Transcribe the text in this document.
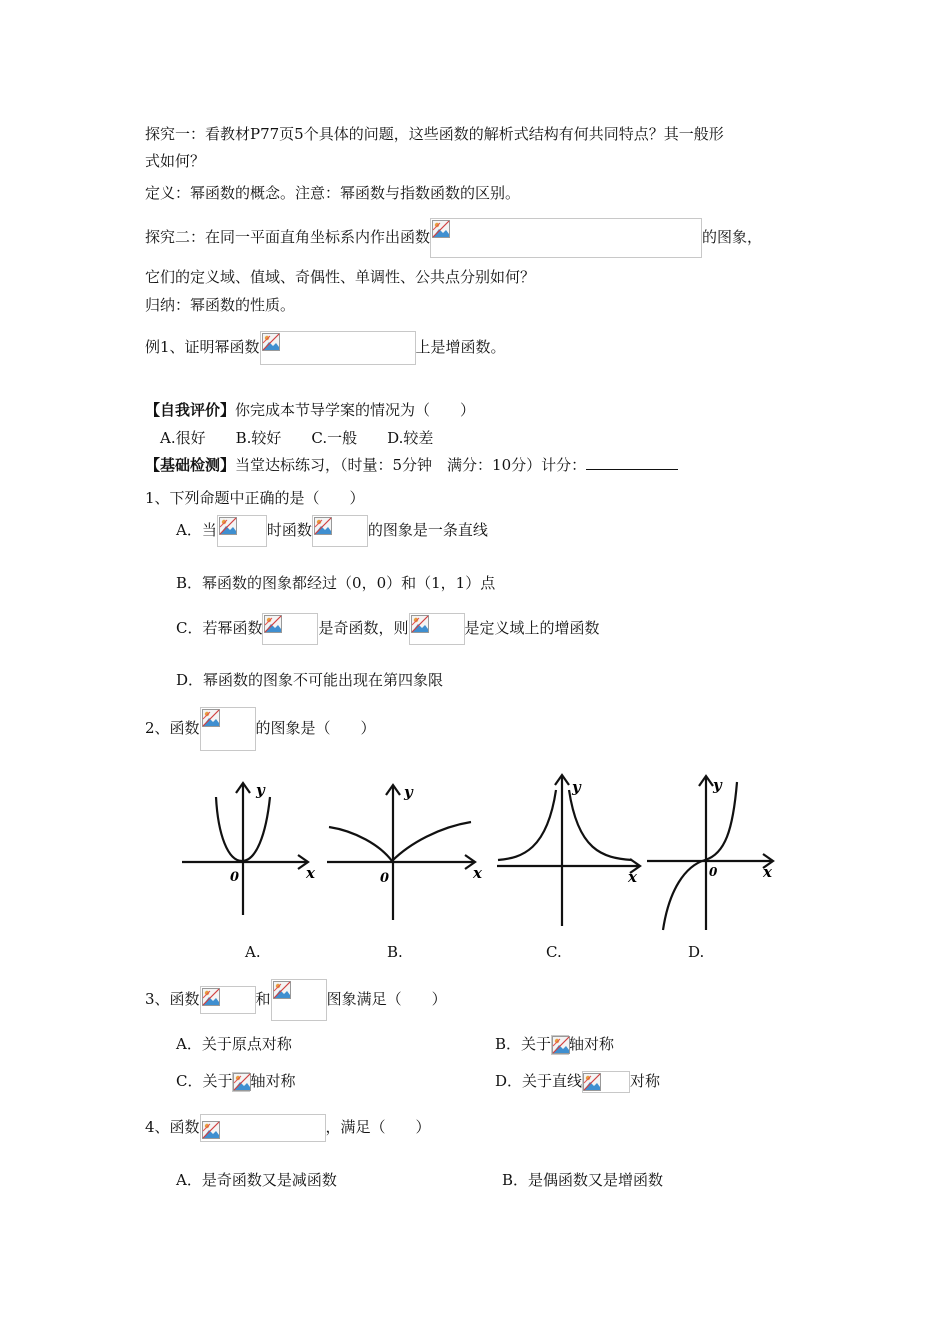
探究一：看教材P77页5个具体的问题，这些函数的解析式结构有何共同特点？其一般形
式如何？
定义：幂函数的概念。注意：幂函数与指数函数的区别。
探究二：在同一平面直角坐标系内作出函数	的图象，
它们的定义域、值域、奇偶性、单调性、公共点分别如何？
归纳：幂函数的性质。
例1、证明幂函数	上是增函数。
【自我评价】你完成本节导学案的情况为（　　）
A.很好　　B.较好　　C.一般　　D.较差
【基础检测】当堂达标练习，（时量：5分钟　满分：10分）计分：
1、下列命题中正确的是（　　）
A．当	时函数	的图象是一条直线
B．幂函数的图象都经过（0，0）和（1，1）点
C．若幂函数	是奇函数，则	是定义域上的增函数
D．幂函数的图象不可能出现在第四象限
2、函数	的图象是（　　）
y
x
0
y
x
0
y
x
y
x
0
A.	B.	C.	D.
3、函数	和	图象满足（　　）
A．关于原点对称	B．关于 轴对称
C．关于 轴对称	D．关于直线	对称
4、函数	，满足（　　）
A．是奇函数又是减函数	B．是偶函数又是增函数
